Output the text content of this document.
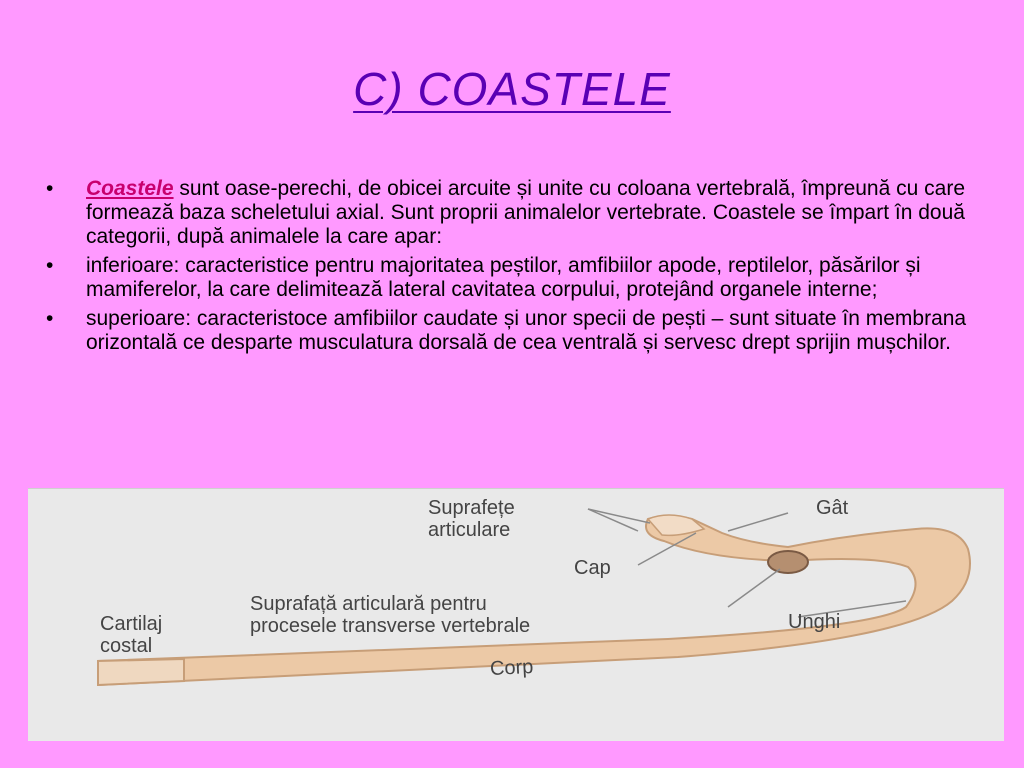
C) COASTELE
• Coastele sunt oase-perechi, de obicei arcuite și unite cu coloana vertebrală, împreună cu care formează baza scheletului axial. Sunt proprii animalelor vertebrate. Coastele se împart în două categorii, după animalele la care apar:
• inferioare: caracteristice pentru majoritatea peștilor, amfibiilor apode, reptilelor, păsărilor și mamiferelor, la care delimitează lateral cavitatea corpului, protejând organele interne;
• superioare: caracteristoce amfibiilor caudate și unor specii de pești – sunt situate în membrana orizontală ce desparte musculatura dorsală de cea ventrală și servesc drept sprijin mușchilor.
Suprafețe
articulare
Gât
Cap
Suprafață articulară pentru
procesele transverse vertebrale	Unghi
Cartilaj
costal
Corp
